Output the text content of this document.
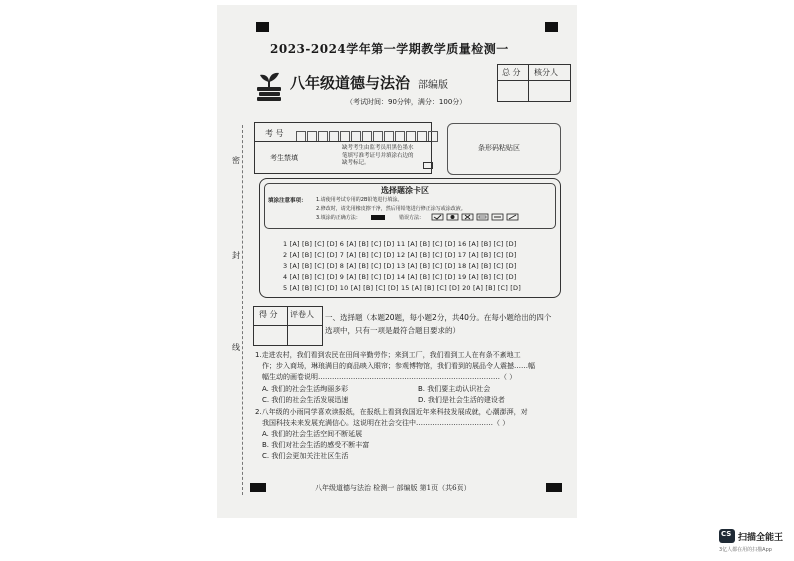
2023-2024学年第一学期教学质量检测一
八年级道德与法治 部编版
（考试时间：90分钟，满分：100分）
总 分 核分人
密
封
线
考 号
考生禁填
缺考考生由监考员用黑色墨水
笔填写准考证号并填涂右边的
缺考标记。
条形码粘贴区
选择题涂卡区
填涂注意事项： 1.请使用考试专用的2B铅笔进行填涂。
2.修改时，请先用橡皮擦干净，然后用铅笔进行修正涂写或涂改液。
3.填涂的正确方法：	错误方法：
1 [A] [B] [C] [D] 6 [A] [B] [C] [D] 11 [A] [B] [C] [D] 16 [A] [B] [C] [D]
2 [A] [B] [C] [D] 7 [A] [B] [C] [D] 12 [A] [B] [C] [D] 17 [A] [B] [C] [D]
3 [A] [B] [C] [D] 8 [A] [B] [C] [D] 13 [A] [B] [C] [D] 18 [A] [B] [C] [D]
4 [A] [B] [C] [D] 9 [A] [B] [C] [D] 14 [A] [B] [C] [D] 19 [A] [B] [C] [D]
5 [A] [B] [C] [D] 10 [A] [B] [C] [D] 15 [A] [B] [C] [D] 20 [A] [B] [C] [D]
得 分 评卷人 一、选择题（本题20题，每小题2分，共40分。在每小题给出的四个
选项中，只有一项是最符合题目要求的）
1.走进农村，我们看到农民在田间辛勤劳作；来到工厂，我们看到工人在有条不紊地工
作；步入商场，琳琅满目的商品映入眼帘；参观博物馆，我们看到的展品令人震撼……幅
幅生动的画卷说明……………………………………………………………………（ ）
A. 我们的社会生活绚丽多彩	B. 我们要主动认识社会
C. 我们的社会生活发展迅速	D. 我们是社会生活的建设者
2.八年级的小雨同学喜欢读报纸，在报纸上看到我国近年来科技发展成就，心潮澎湃，对
我国科技未来发展充满信心。这说明在社会交往中……………………………（ ）
A. 我们的社会生活空间不断延展
B. 我们对社会生活的感受不断丰富
C. 我们会更加关注社区生活
八年级道德与法治 检测一 部编版 第1页（共6页）
CS 扫描全能王
3亿人都在用的扫描App
